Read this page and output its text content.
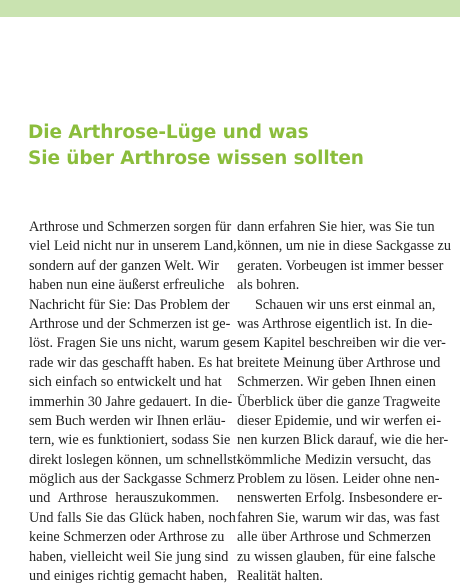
Die Arthrose-Lüge und was
Sie über Arthrose wissen sollten
Arthrose und Schmerzen sorgen für
viel Leid nicht nur in unserem Land,
sondern auf der ganzen Welt. Wir
haben nun eine äußerst erfreuliche
Nachricht für Sie: Das Problem der
Arthrose und der Schmerzen ist ge-
löst. Fragen Sie uns nicht, warum ge-
rade wir das geschafft haben. Es hat
sich einfach so entwickelt und hat
immerhin 30 Jahre gedauert. In die-
sem Buch werden wir Ihnen erläu-
tern, wie es funktioniert, sodass Sie
direkt loslegen können, um schnellst-
möglich aus der Sackgasse Schmerz
und Arthrose herauszukommen.
Und falls Sie das Glück haben, noch
keine Schmerzen oder Arthrose zu
haben, vielleicht weil Sie jung sind
und einiges richtig gemacht haben,
dann erfahren Sie hier, was Sie tun
können, um nie in diese Sackgasse zu
geraten. Vorbeugen ist immer besser
als bohren.
Schauen wir uns erst einmal an,
was Arthrose eigentlich ist. In die-
sem Kapitel beschreiben wir die ver-
breitete Meinung über Arthrose und
Schmerzen. Wir geben Ihnen einen
Überblick über die ganze Tragweite
dieser Epidemie, und wir werfen ei-
nen kurzen Blick darauf, wie die her-
kömmliche Medizin versucht, das
Problem zu lösen. Leider ohne nen-
nenswerten Erfolg. Insbesondere er-
fahren Sie, warum wir das, was fast
alle über Arthrose und Schmerzen
zu wissen glauben, für eine falsche
Realität halten.
